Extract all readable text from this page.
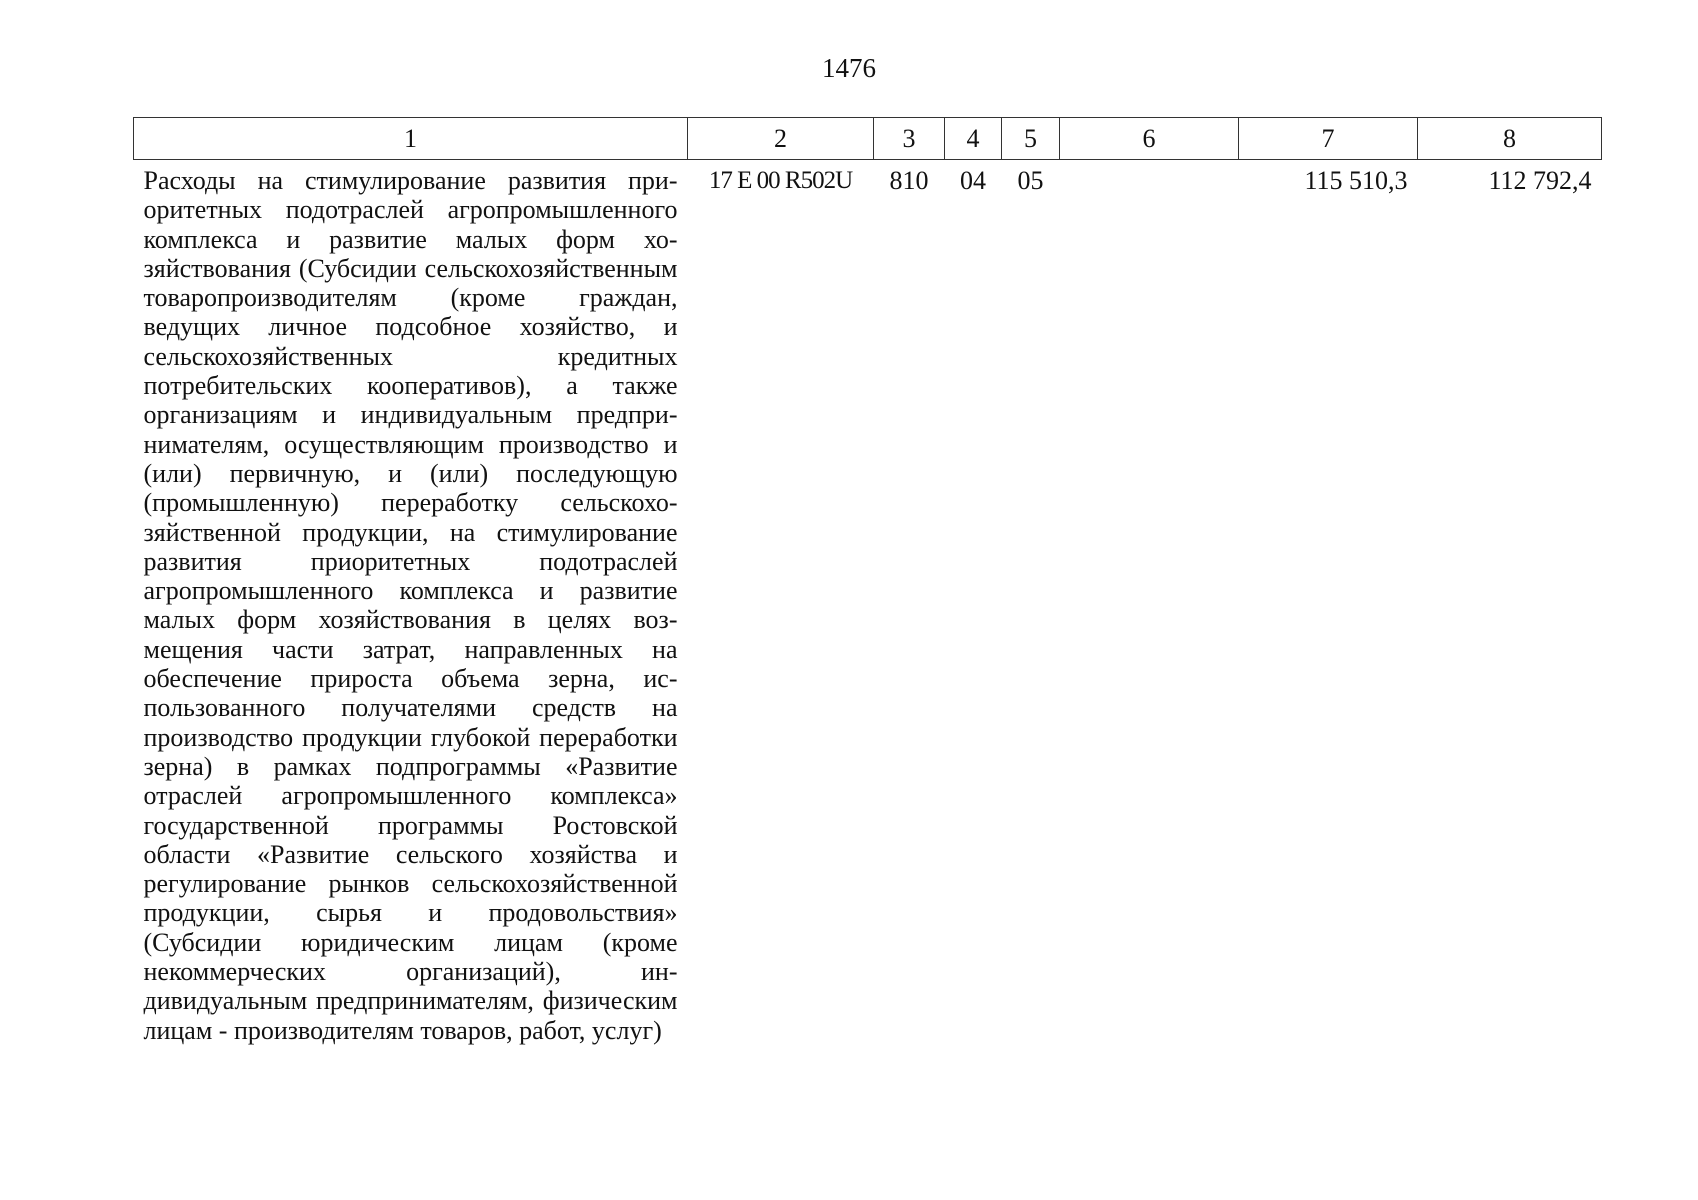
1476
1	2	3	4	5	6	7	8
Расходы на стимулирование развития приоритетных подотраслей агропромышленного комплекса и развитие малых форм хозяйствования (Субсидии сельскохозяйственным товаропроизводителям (кроме граждан, ведущих личное подсобное хозяйство, и сельскохозяйственных кредитных потребительских кооперативов), а также организациям и индивидуальным предпринимателям, осуществляющим производство и (или) первичную, и (или) последующую (промышленную) переработку сельскохозяйственной продукции, на стимулирование развития приоритетных подотраслей агропромышленного комплекса и развитие малых форм хозяйствования в целях возмещения части затрат, направленных на обеспечение прироста объема зерна, использованного получателями средств на производство продукции глубокой переработки зерна) в рамках подпрограммы «Развитие отраслей агропромышленного комплекса» государственной программы Ростовской области «Развитие сельского хозяйства и регулирование рынков сельскохозяйственной продукции, сырья и продовольствия» (Субсидии юридическим лицам (кроме некоммерческих организаций), индивидуальным предпринимателям, физическим лицам - производителям товаров, работ, услуг)	17 Е 00 R502U	810	04	05		115 510,3	112 792,4
